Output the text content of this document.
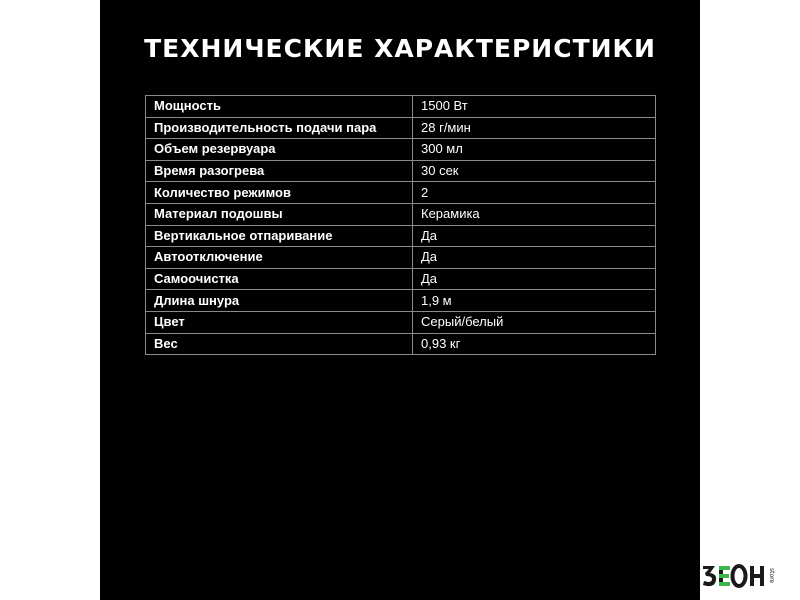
ТЕХНИЧЕСКИЕ ХАРАКТЕРИСТИКИ
Мощность	1500 Вт
Производительность подачи пара	28 г/мин
Объем резервуара	300 мл
Время разогрева	30 сек
Количество режимов	2
Материал подошвы	Керамика
Вертикальное отпаривание	Да
Автоотключение	Да
Самоочистка	Да
Длина шнура	1,9 м
Цвет	Серый/белый
Вес	0,93 кг
store
